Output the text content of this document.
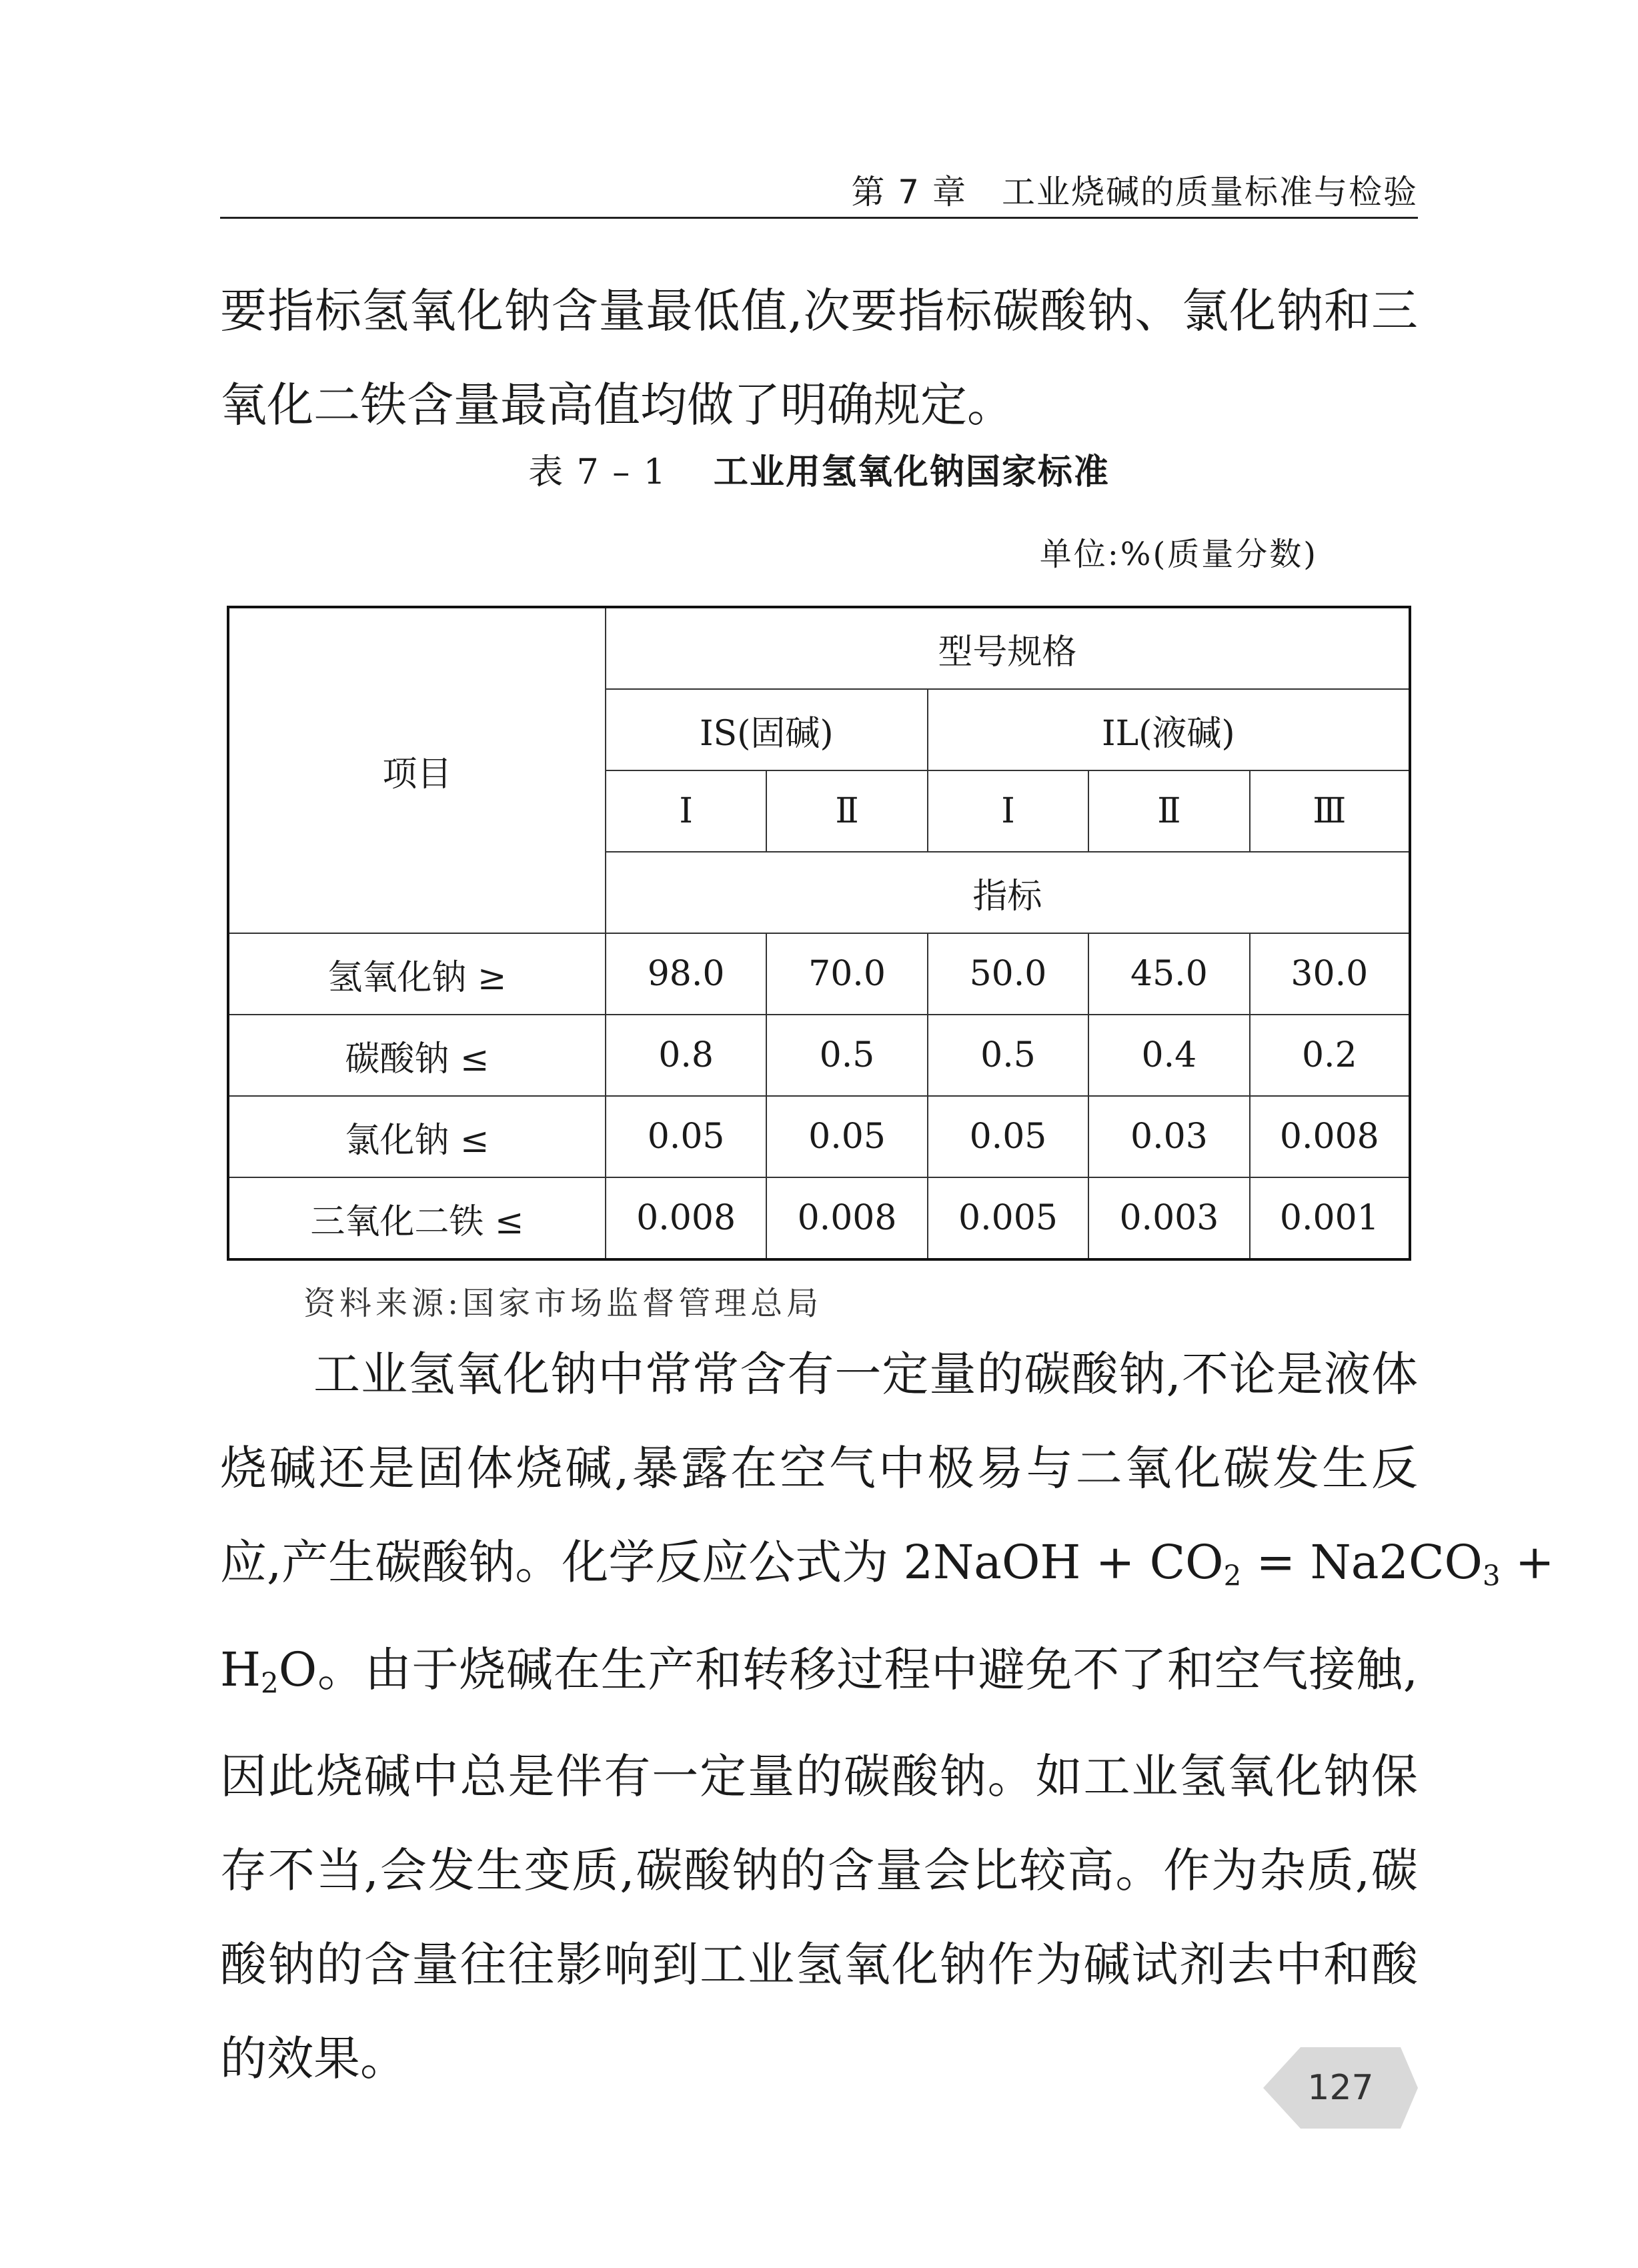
第 7 章　工业烧碱的质量标准与检验

要指标氢氧化钠含量最低值,次要指标碳酸钠、氯化钠和三
氧化二铁含量最高值均做了明确规定。

表 7 – 1 工业用氢氧化钠国家标准
单位:%(质量分数)
项目	型号规格				
	IS(固碱)		IL(液碱)		
	Ⅰ	Ⅱ	Ⅰ	Ⅱ	Ⅲ
	指标				
氢氧化钠 ≥	98.0	70.0	50.0	45.0	30.0
碳酸钠 ≤	0.8	0.5	0.5	0.4	0.2
氯化钠 ≤	0.05	0.05	0.05	0.03	0.008
三氧化二铁 ≤	0.008	0.008	0.005	0.003	0.001
资料来源:国家市场监督管理总局

工业氢氧化钠中常常含有一定量的碳酸钠,不论是液体
烧碱还是固体烧碱,暴露在空气中极易与二氧化碳发生反
应,产生碳酸钠。化学反应公式为 2NaOH + $CO_2 = Na2CO_3$ +
$H_2O$。由于烧碱在生产和转移过程中避免不了和空气接触,
因此烧碱中总是伴有一定量的碳酸钠。如工业氢氧化钠保
存不当,会发生变质,碳酸钠的含量会比较高。作为杂质,碳
酸钠的含量往往影响到工业氢氧化钠作为碱试剂去中和酸
的效果。

127
